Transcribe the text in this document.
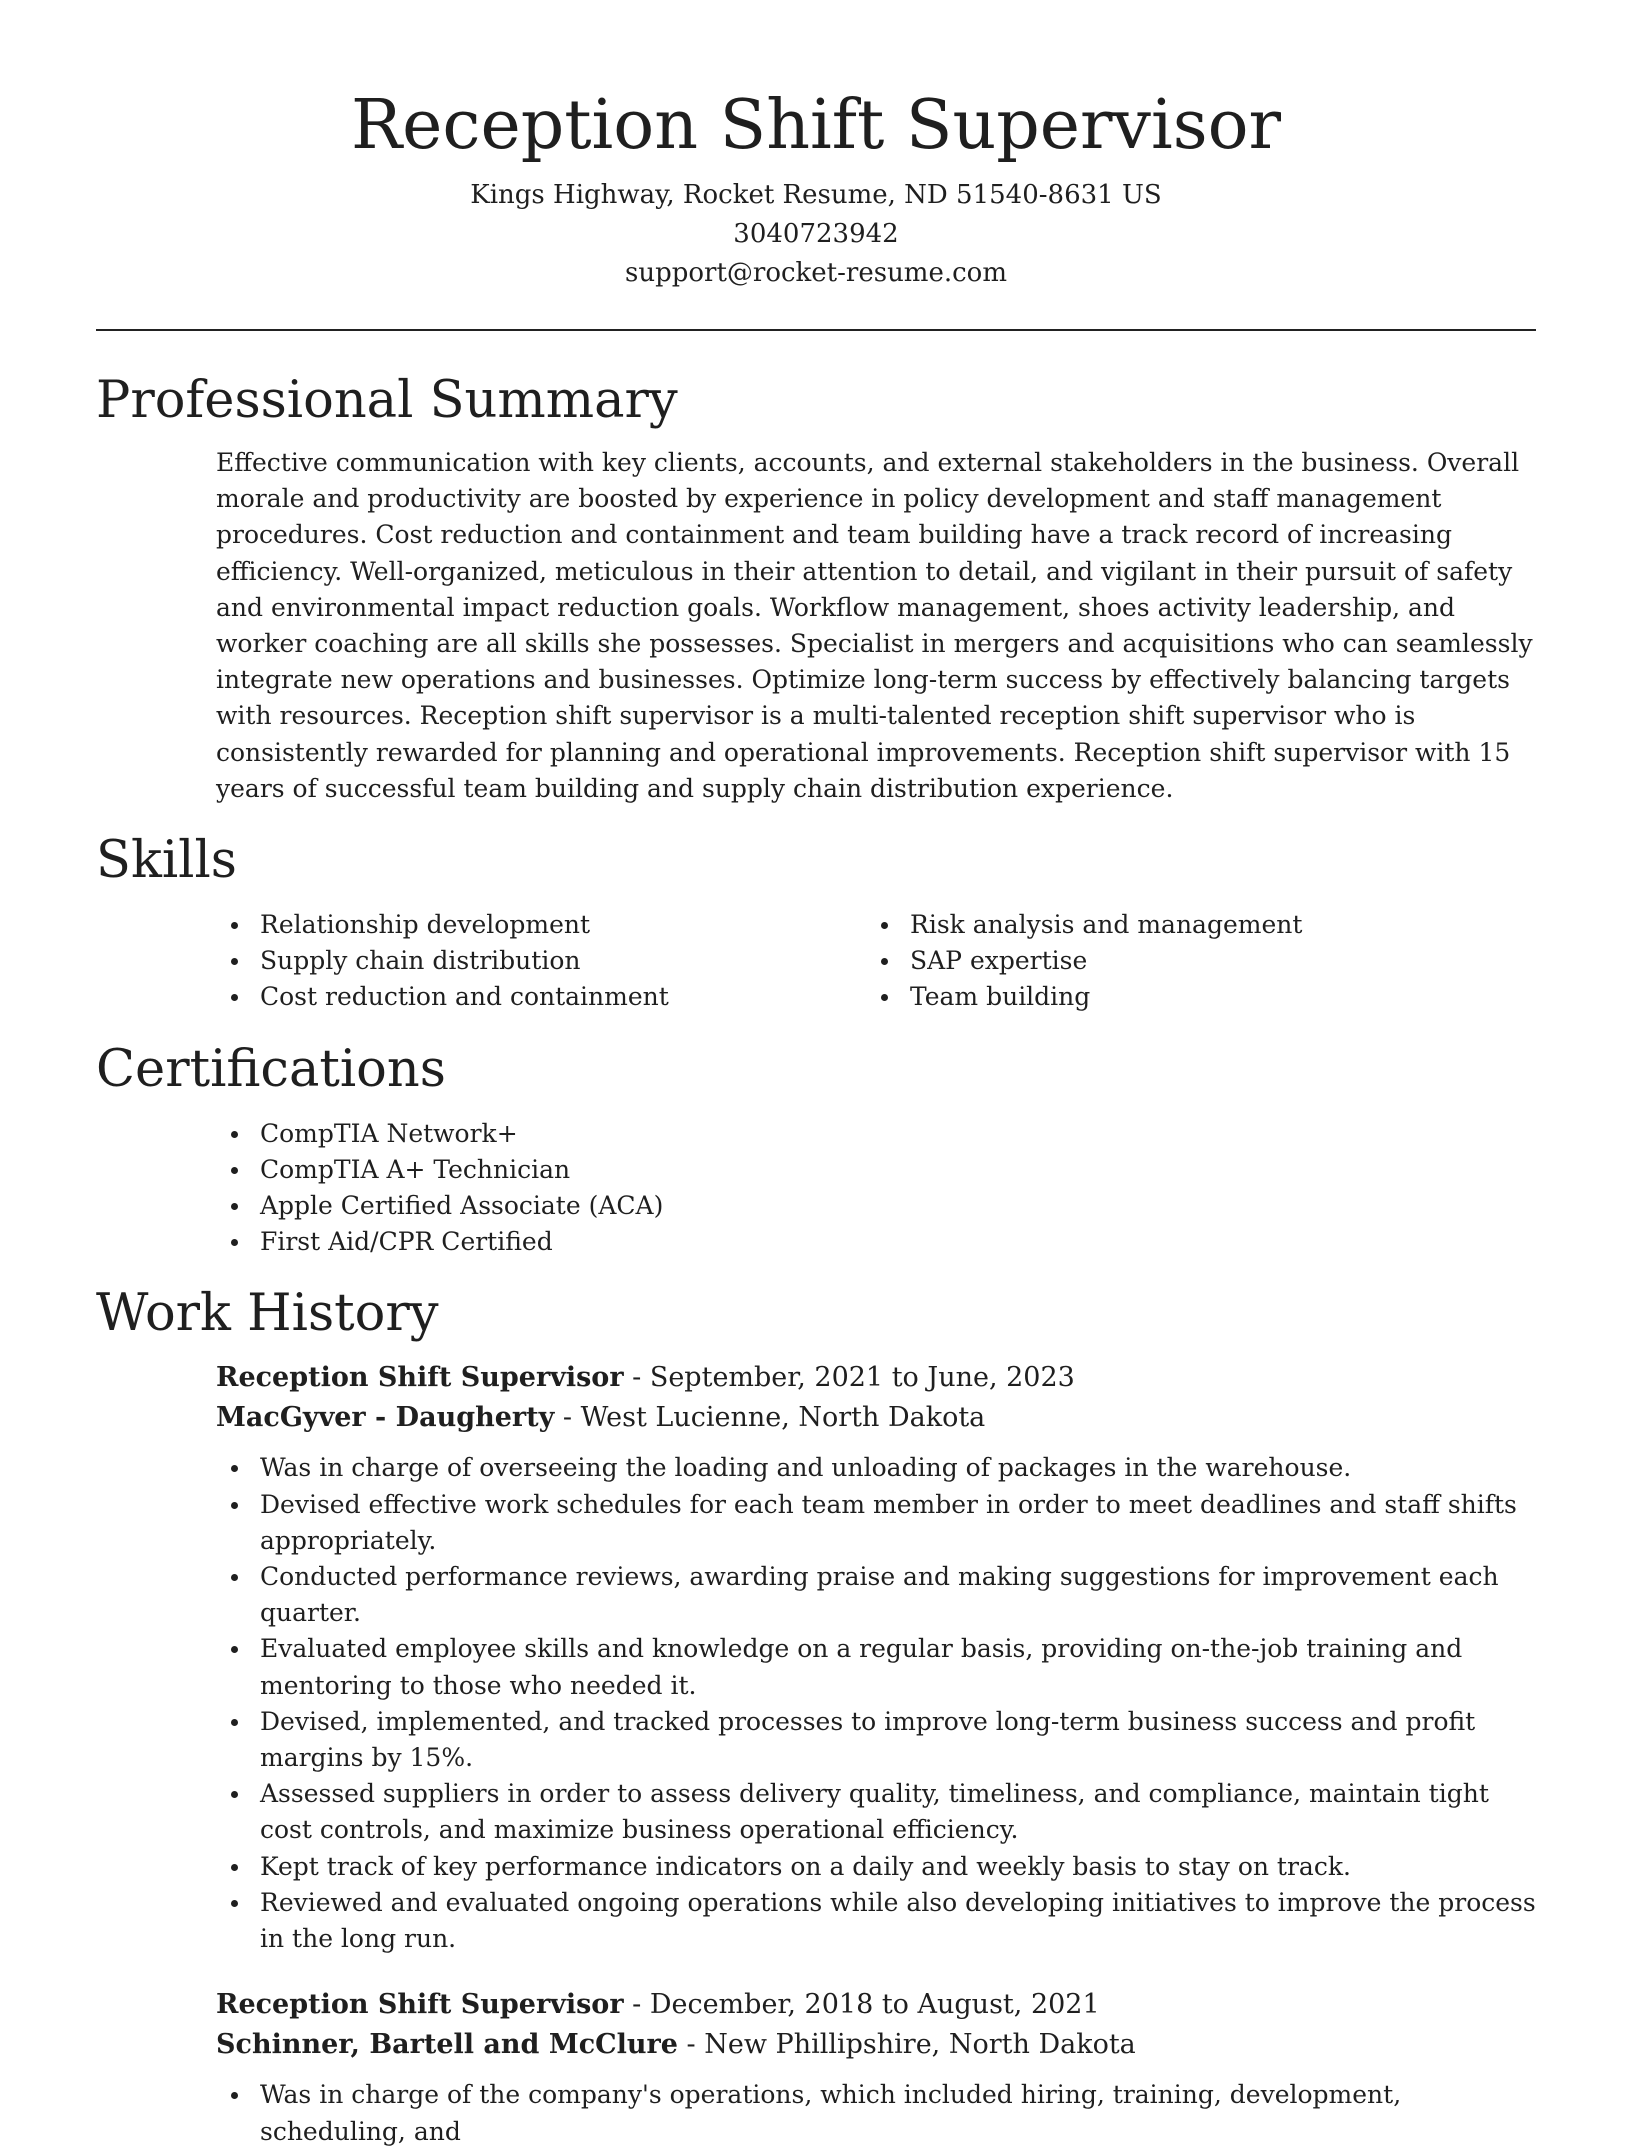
Reception Shift Supervisor

Kings Highway, Rocket Resume, ND 51540-8631 US

3040723942

support@rocket-resume.com

Professional Summary

Effective communication with key clients, accounts, and external stakeholders in the business. Overall morale and productivity are boosted by experience in policy development and staff management procedures. Cost reduction and containment and team building have a track record of increasing efficiency. Well-organized, meticulous in their attention to detail, and vigilant in their pursuit of safety and environmental impact reduction goals. Workflow management, shoes activity leadership, and worker coaching are all skills she possesses. Specialist in mergers and acquisitions who can seamlessly integrate new operations and businesses. Optimize long-term success by effectively balancing targets with resources. Reception shift supervisor is a multi-talented reception shift supervisor who is consistently rewarded for planning and operational improvements. Reception shift supervisor with 15 years of successful team building and supply chain distribution experience.

Skills
Relationship development
Supply chain distribution
Cost reduction and containment
Risk analysis and management
SAP expertise
Team building
Certifications
CompTIA Network+
CompTIA A+ Technician
Apple Certified Associate (ACA)
First Aid/CPR Certified
Work History
Reception Shift Supervisor - September, 2021 to June, 2023
MacGyver - Daugherty - West Lucienne, North Dakota
Was in charge of overseeing the loading and unloading of packages in the warehouse.
Devised effective work schedules for each team member in order to meet deadlines and staff shifts appropriately.
Conducted performance reviews, awarding praise and making suggestions for improvement each quarter.
Evaluated employee skills and knowledge on a regular basis, providing on-the-job training and mentoring to those who needed it.
Devised, implemented, and tracked processes to improve long-term business success and profit margins by 15%.
Assessed suppliers in order to assess delivery quality, timeliness, and compliance, maintain tight cost controls, and maximize business operational efficiency.
Kept track of key performance indicators on a daily and weekly basis to stay on track.
Reviewed and evaluated ongoing operations while also developing initiatives to improve the process in the long run.
Reception Shift Supervisor - December, 2018 to August, 2021
Schinner, Bartell and McClure - New Phillipshire, North Dakota
Was in charge of the company's operations, which included hiring, training, development, scheduling, and
